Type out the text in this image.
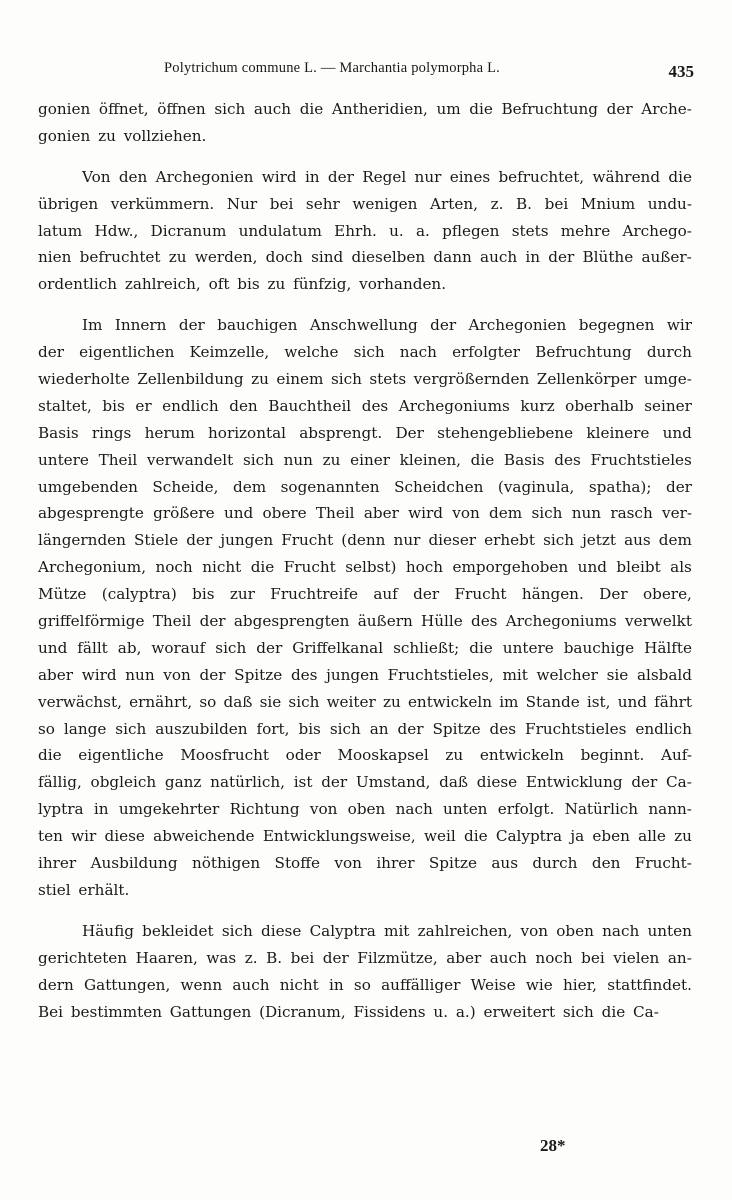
Polytrichum commune L. — Marchantia polymorpha L.	435
gonien öffnet, öffnen sich auch die Antheridien, um die Befruchtung der Arche-
gonien zu vollziehen.
Von den Archegonien wird in der Regel nur eines befruchtet, während die
übrigen verkümmern. Nur bei sehr wenigen Arten, z. B. bei Mnium undu-
latum Hdw., Dicranum undulatum Ehrh. u. a. pflegen stets mehre Archego-
nien befruchtet zu werden, doch sind dieselben dann auch in der Blüthe außer-
ordentlich zahlreich, oft bis zu fünfzig, vorhanden.
Im Innern der bauchigen Anschwellung der Archegonien begegnen wir
der eigentlichen Keimzelle, welche sich nach erfolgter Befruchtung durch
wiederholte Zellenbildung zu einem sich stets vergrößernden Zellenkörper umge-
staltet, bis er endlich den Bauchtheil des Archegoniums kurz oberhalb seiner
Basis rings herum horizontal absprengt. Der stehengebliebene kleinere und
untere Theil verwandelt sich nun zu einer kleinen, die Basis des Fruchtstieles
umgebenden Scheide, dem sogenannten Scheidchen (vaginula, spatha); der
abgesprengte größere und obere Theil aber wird von dem sich nun rasch ver-
längernden Stiele der jungen Frucht (denn nur dieser erhebt sich jetzt aus dem
Archegonium, noch nicht die Frucht selbst) hoch emporgehoben und bleibt als
Mütze (calyptra) bis zur Fruchtreife auf der Frucht hängen. Der obere,
griffelförmige Theil der abgesprengten äußern Hülle des Archegoniums verwelkt
und fällt ab, worauf sich der Griffelkanal schließt; die untere bauchige Hälfte
aber wird nun von der Spitze des jungen Fruchtstieles, mit welcher sie alsbald
verwächst, ernährt, so daß sie sich weiter zu entwickeln im Stande ist, und fährt
so lange sich auszubilden fort, bis sich an der Spitze des Fruchtstieles endlich
die eigentliche Moosfrucht oder Mooskapsel zu entwickeln beginnt. Auf-
fällig, obgleich ganz natürlich, ist der Umstand, daß diese Entwicklung der Ca-
lyptra in umgekehrter Richtung von oben nach unten erfolgt. Natürlich nann-
ten wir diese abweichende Entwicklungsweise, weil die Calyptra ja eben alle zu
ihrer Ausbildung nöthigen Stoffe von ihrer Spitze aus durch den Frucht-
stiel erhält.
Häufig bekleidet sich diese Calyptra mit zahlreichen, von oben nach unten
gerichteten Haaren, was z. B. bei der Filzmütze, aber auch noch bei vielen an-
dern Gattungen, wenn auch nicht in so auffälliger Weise wie hier, stattfindet.
Bei bestimmten Gattungen (Dicranum, Fissidens u. a.) erweitert sich die Ca-
28*
